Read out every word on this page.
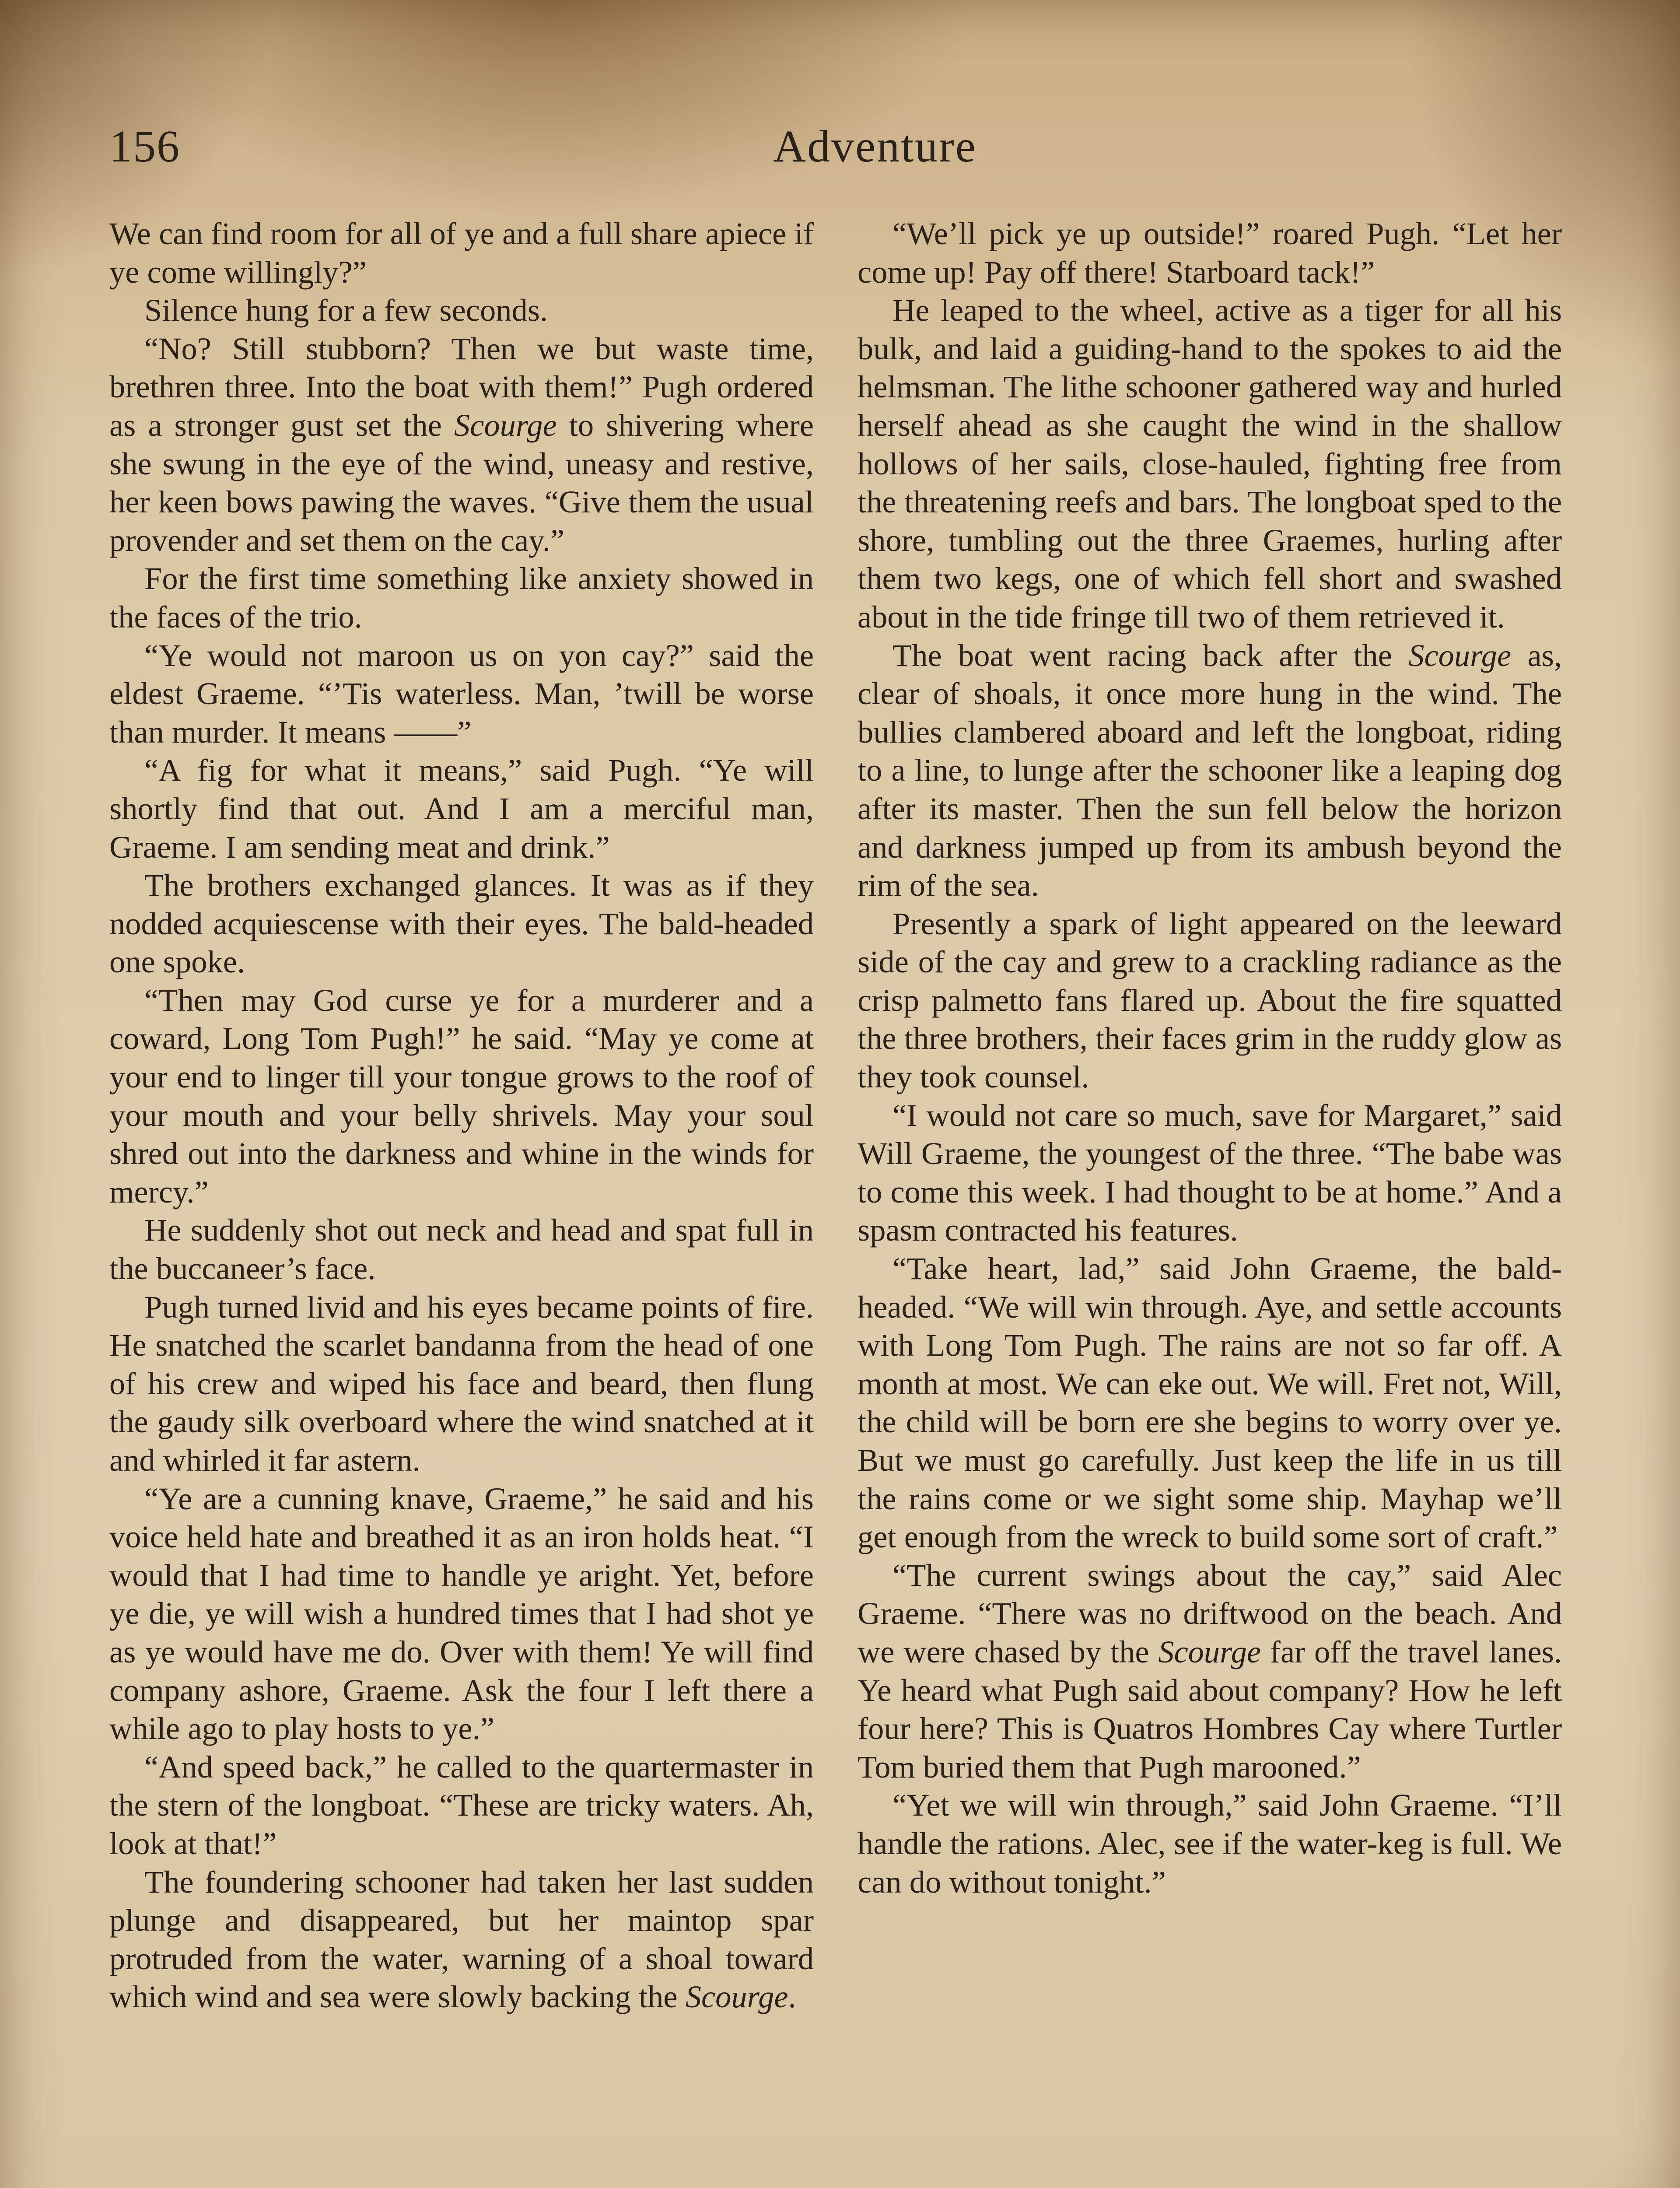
156	Adventure

We can find room for all of ye and a full share apiece if ye come willingly?”

Silence hung for a few seconds.

“No? Still stubborn? Then we but waste time, brethren three. Into the boat with them!” Pugh ordered as a stronger gust set the Scourge to shivering where she swung in the eye of the wind, uneasy and restive, her keen bows pawing the waves. “Give them the usual provender and set them on the cay.”

For the first time something like anxiety showed in the faces of the trio.

“Ye would not maroon us on yon cay?” said the eldest Graeme. “’Tis waterless. Man, ’twill be worse than murder. It means ——”

“A fig for what it means,” said Pugh. “Ye will shortly find that out. And I am a merciful man, Graeme. I am sending meat and drink.”

The brothers exchanged glances. It was as if they nodded acquiescense with their eyes. The bald-headed one spoke.

“Then may God curse ye for a murderer and a coward, Long Tom Pugh!” he said. “May ye come at your end to linger till your tongue grows to the roof of your mouth and your belly shrivels. May your soul shred out into the darkness and whine in the winds for mercy.”

He suddenly shot out neck and head and spat full in the buccaneer’s face.

Pugh turned livid and his eyes became points of fire. He snatched the scarlet bandanna from the head of one of his crew and wiped his face and beard, then flung the gaudy silk overboard where the wind snatched at it and whirled it far astern.

“Ye are a cunning knave, Graeme,” he said and his voice held hate and breathed it as an iron holds heat. “I would that I had time to handle ye aright. Yet, before ye die, ye will wish a hundred times that I had shot ye as ye would have me do. Over with them! Ye will find company ashore, Graeme. Ask the four I left there a while ago to play hosts to ye.”

“And speed back,” he called to the quartermaster in the stern of the longboat. “These are tricky waters. Ah, look at that!”

The foundering schooner had taken her last sudden plunge and disappeared, but her maintop spar protruded from the water, warning of a shoal toward which wind and sea were slowly backing the Scourge.

“We’ll pick ye up outside!” roared Pugh. “Let her come up! Pay off there! Starboard tack!”

He leaped to the wheel, active as a tiger for all his bulk, and laid a guiding-hand to the spokes to aid the helmsman. The lithe schooner gathered way and hurled herself ahead as she caught the wind in the shallow hollows of her sails, close-hauled, fighting free from the threatening reefs and bars. The longboat sped to the shore, tumbling out the three Graemes, hurling after them two kegs, one of which fell short and swashed about in the tide fringe till two of them retrieved it.

The boat went racing back after the Scourge as, clear of shoals, it once more hung in the wind. The bullies clambered aboard and left the longboat, riding to a line, to lunge after the schooner like a leaping dog after its master. Then the sun fell below the horizon and darkness jumped up from its ambush beyond the rim of the sea.

Presently a spark of light appeared on the leeward side of the cay and grew to a crackling radiance as the crisp palmetto fans flared up. About the fire squatted the three brothers, their faces grim in the ruddy glow as they took counsel.

“I would not care so much, save for Margaret,” said Will Graeme, the youngest of the three. “The babe was to come this week. I had thought to be at home.” And a spasm contracted his features.

“Take heart, lad,” said John Graeme, the bald-headed. “We will win through. Aye, and settle accounts with Long Tom Pugh. The rains are not so far off. A month at most. We can eke out. We will. Fret not, Will, the child will be born ere she begins to worry over ye. But we must go carefully. Just keep the life in us till the rains come or we sight some ship. Mayhap we’ll get enough from the wreck to build some sort of craft.”

“The current swings about the cay,” said Alec Graeme. “There was no driftwood on the beach. And we were chased by the Scourge far off the travel lanes. Ye heard what Pugh said about company? How he left four here? This is Quatros Hombres Cay where Turtler Tom buried them that Pugh marooned.”

“Yet we will win through,” said John Graeme. “I’ll handle the rations. Alec, see if the water-keg is full. We can do without tonight.”
